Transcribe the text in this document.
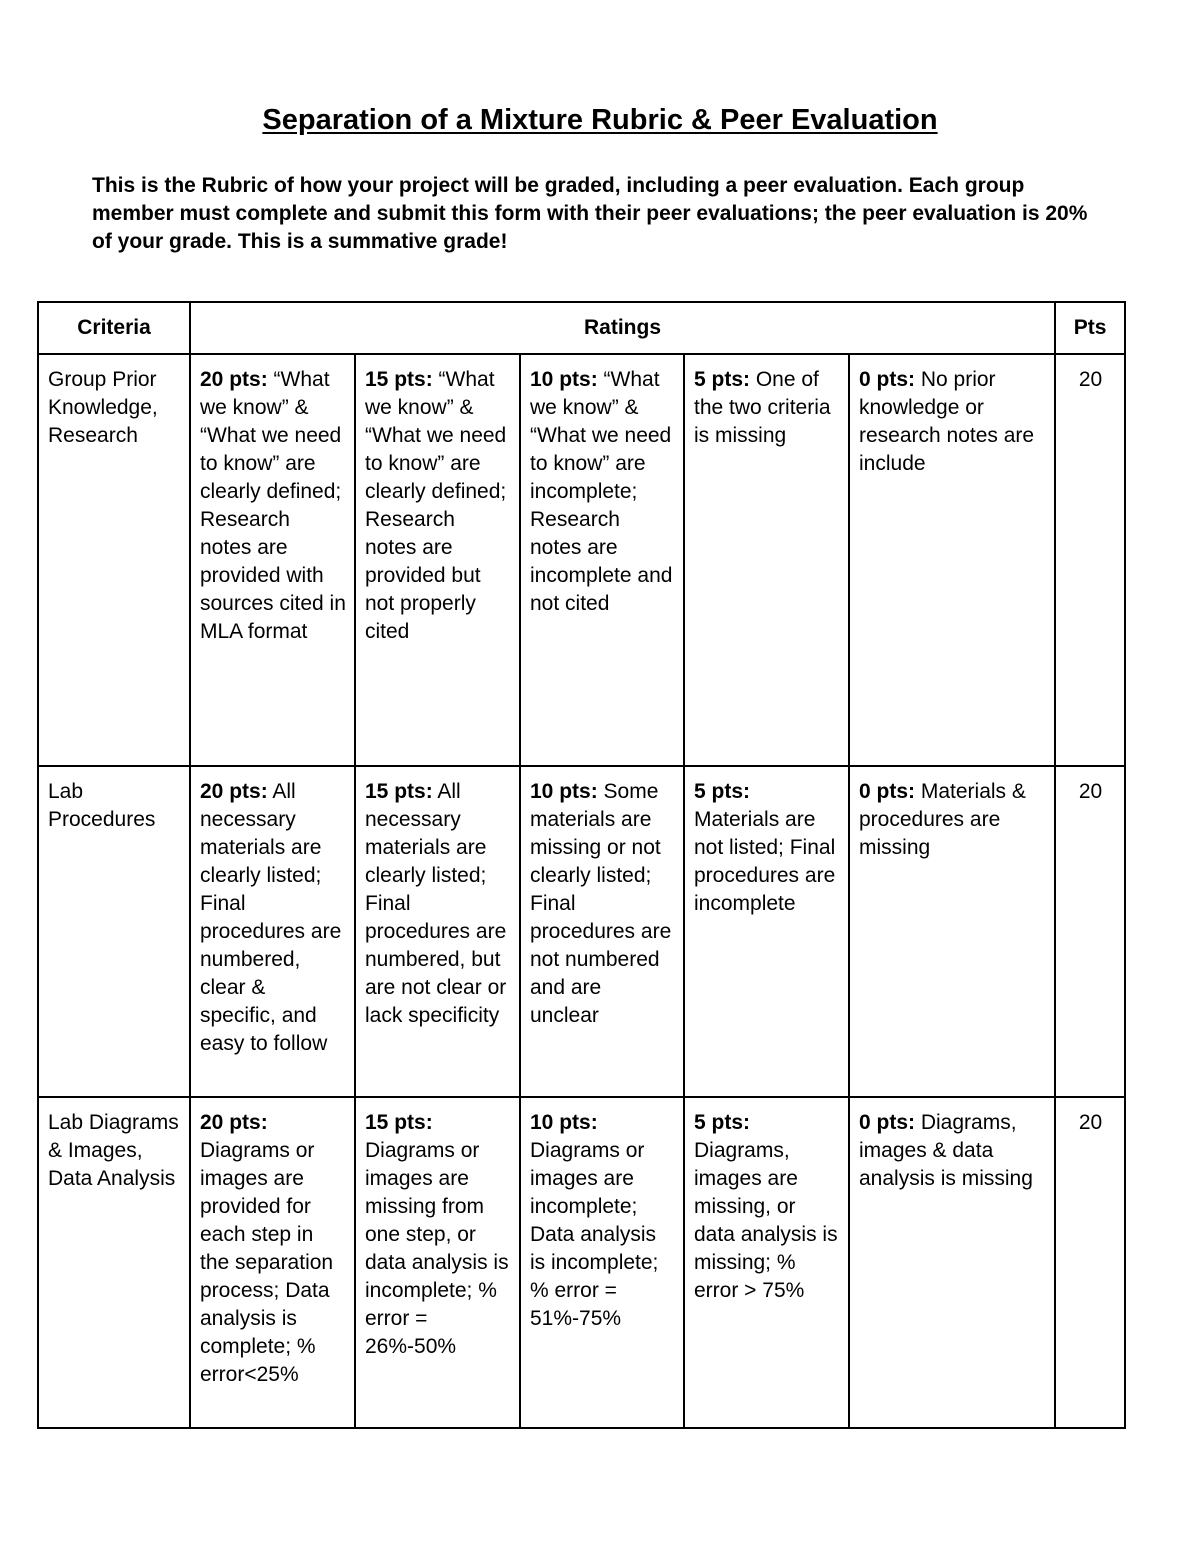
Separation of a Mixture Rubric & Peer Evaluation

This is the Rubric of how your project will be graded, including a peer evaluation. Each group member must complete and submit this form with their peer evaluations; the peer evaluation is 20% of your grade. This is a summative grade!

Criteria	Ratings					Pts
Group Prior Knowledge, Research	20 pts: “What we know” & “What we need to know” are clearly defined; Research notes are provided with sources cited in MLA format	15 pts: “What we know” & “What we need to know” are clearly defined; Research notes are provided but not properly cited	10 pts: “What we know” & “What we need to know” are incomplete; Research notes are incomplete and not cited	5 pts: One of the two criteria is missing	0 pts: No prior knowledge or research notes are include	20
Lab Procedures	20 pts: All necessary materials are clearly listed; Final procedures are numbered, clear & specific, and easy to follow	15 pts: All necessary materials are clearly listed; Final procedures are numbered, but are not clear or lack specificity	10 pts: Some materials are missing or not clearly listed; Final procedures are not numbered and are unclear	5 pts: Materials are not listed; Final procedures are incomplete	0 pts: Materials & procedures are missing	20
Lab Diagrams & Images, Data Analysis	20 pts: Diagrams or images are provided for each step in the separation process; Data analysis is complete; % error<25%	15 pts: Diagrams or images are missing from one step, or data analysis is incomplete; % error = 26%-50%	10 pts: Diagrams or images are incomplete; Data analysis is incomplete; % error = 51%-75%	5 pts: Diagrams, images are missing, or data analysis is missing; % error > 75%	0 pts: Diagrams, images & data analysis is missing	20
